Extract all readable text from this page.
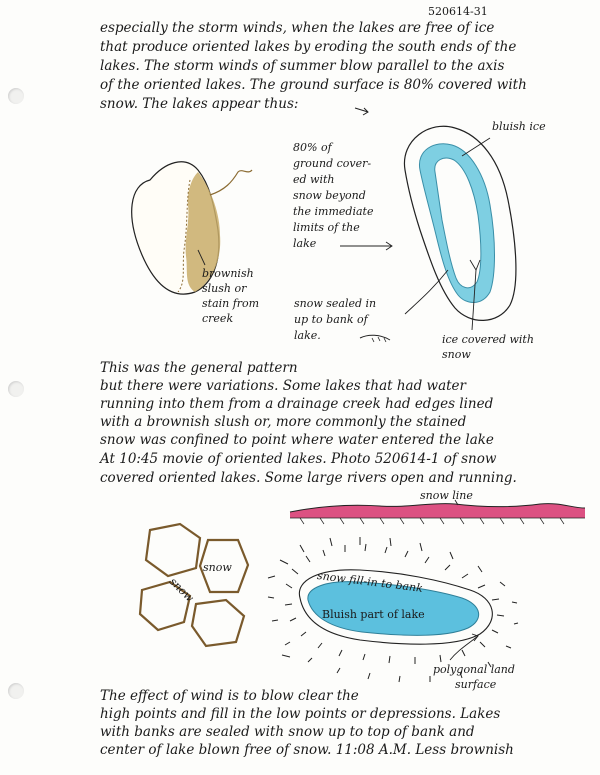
520614-31
especially the storm winds, when the lakes are free of ice
that produce oriented lakes by eroding the south ends of the
lakes. The storm winds of summer blow parallel to the axis
of the oriented lakes. The ground surface is 80% covered with
snow. The lakes appear thus:
80% of
ground cover-
ed with
snow beyond
the immediate
limits of the
lake
bluish ice
brownish
slush or
stain from
creek
snow sealed in
up to bank of
lake.	ice covered with
snow
This was the general pattern
but there were variations. Some lakes that had water
running into them from a drainage creek had edges lined
with a brownish slush or, more commonly the stained
snow was confined to point where water entered the lake
At 10:45 movie of oriented lakes. Photo 520614-1 of snow
covered oriented lakes. Some large rivers open and running.
snow line
snow
snow	snow fill-in to bank
Bluish part of lake
polygonal land
surface
The effect of wind is to blow clear the
high points and fill in the low points or depressions. Lakes
with banks are sealed with snow up to top of bank and
center of lake blown free of snow. 11:08 A.M. Less brownish
